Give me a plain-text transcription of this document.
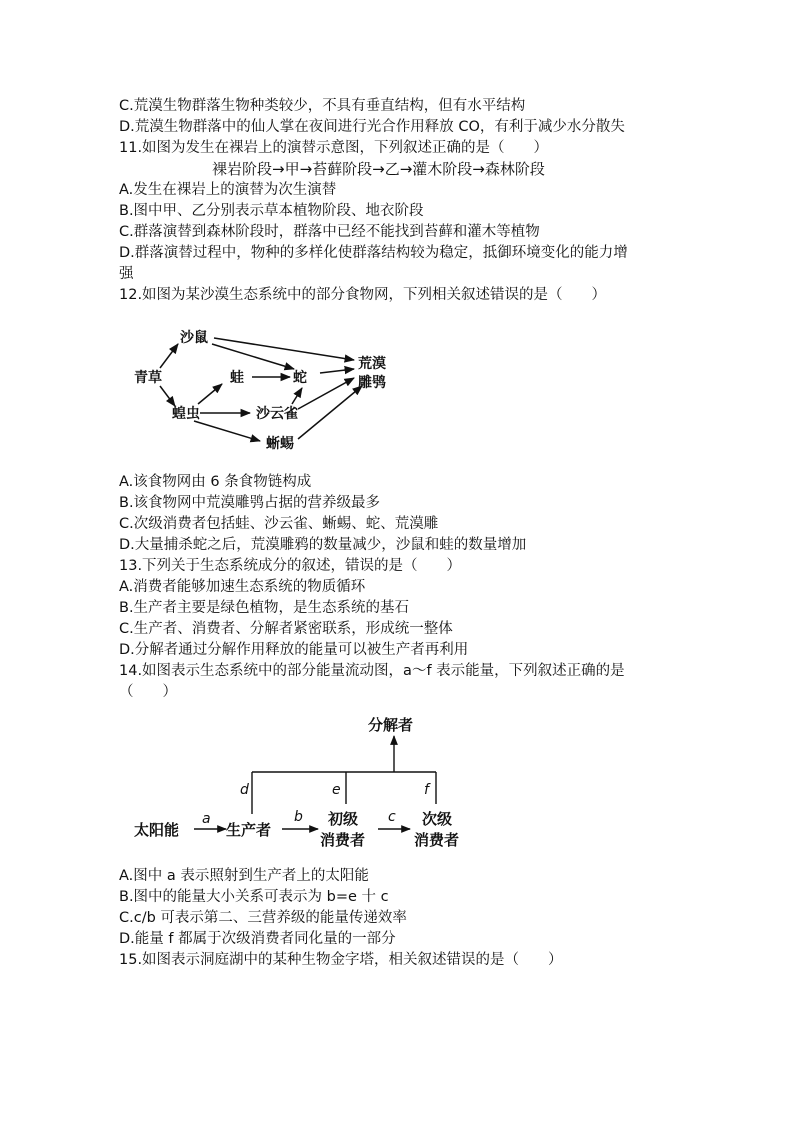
C.荒漠生物群落生物种类较少，不具有垂直结构，但有水平结构
D.荒漠生物群落中的仙人掌在夜间进行光合作用释放 CO，有利于减少水分散失
11.如图为发生在裸岩上的演替示意图，下列叙述正确的是（　　）
裸岩阶段→甲→苔藓阶段→乙→灌木阶段→森林阶段
A.发生在裸岩上的演替为次生演替
B.图中甲、乙分别表示草本植物阶段、地衣阶段
C.群落演替到森林阶段时，群落中已经不能找到苔藓和灌木等植物
D.群落演替过程中，物种的多样化使群落结构较为稳定，抵御环境变化的能力增
强
12.如图为某沙漠生态系统中的部分食物网，下列相关叙述错误的是（　　）
青草
沙鼠
蛙	蛇
荒漠
雕鸮
蝗虫	沙云雀
蜥蜴
A.该食物网由 6 条食物链构成
B.该食物网中荒漠雕鸮占据的营养级最多
C.次级消费者包括蛙、沙云雀、蜥蜴、蛇、荒漠雕
D.大量捕杀蛇之后，荒漠雕鸦的数量减少，沙鼠和蛙的数量增加
13.下列关于生态系统成分的叙述，错误的是（　　）
A.消费者能够加速生态系统的物质循环
B.生产者主要是绿色植物，是生态系统的基石
C.生产者、消费者、分解者紧密联系，形成统一整体
D.分解者通过分解作用释放的能量可以被生产者再利用
14.如图表示生态系统中的部分能量流动图，a～f 表示能量，下列叙述正确的是
（　　）
分解者
太阳能	生产者
初级
消费者
次级
消费者
a	b	c
d	e	f
A.图中 a 表示照射到生产者上的太阳能
B.图中的能量大小关系可表示为 b=e 十 c
C.c/b 可表示第二、三营养级的能量传递效率
D.能量 f 都属于次级消费者同化量的一部分
15.如图表示洞庭湖中的某种生物金字塔，相关叙述错误的是（　　）
